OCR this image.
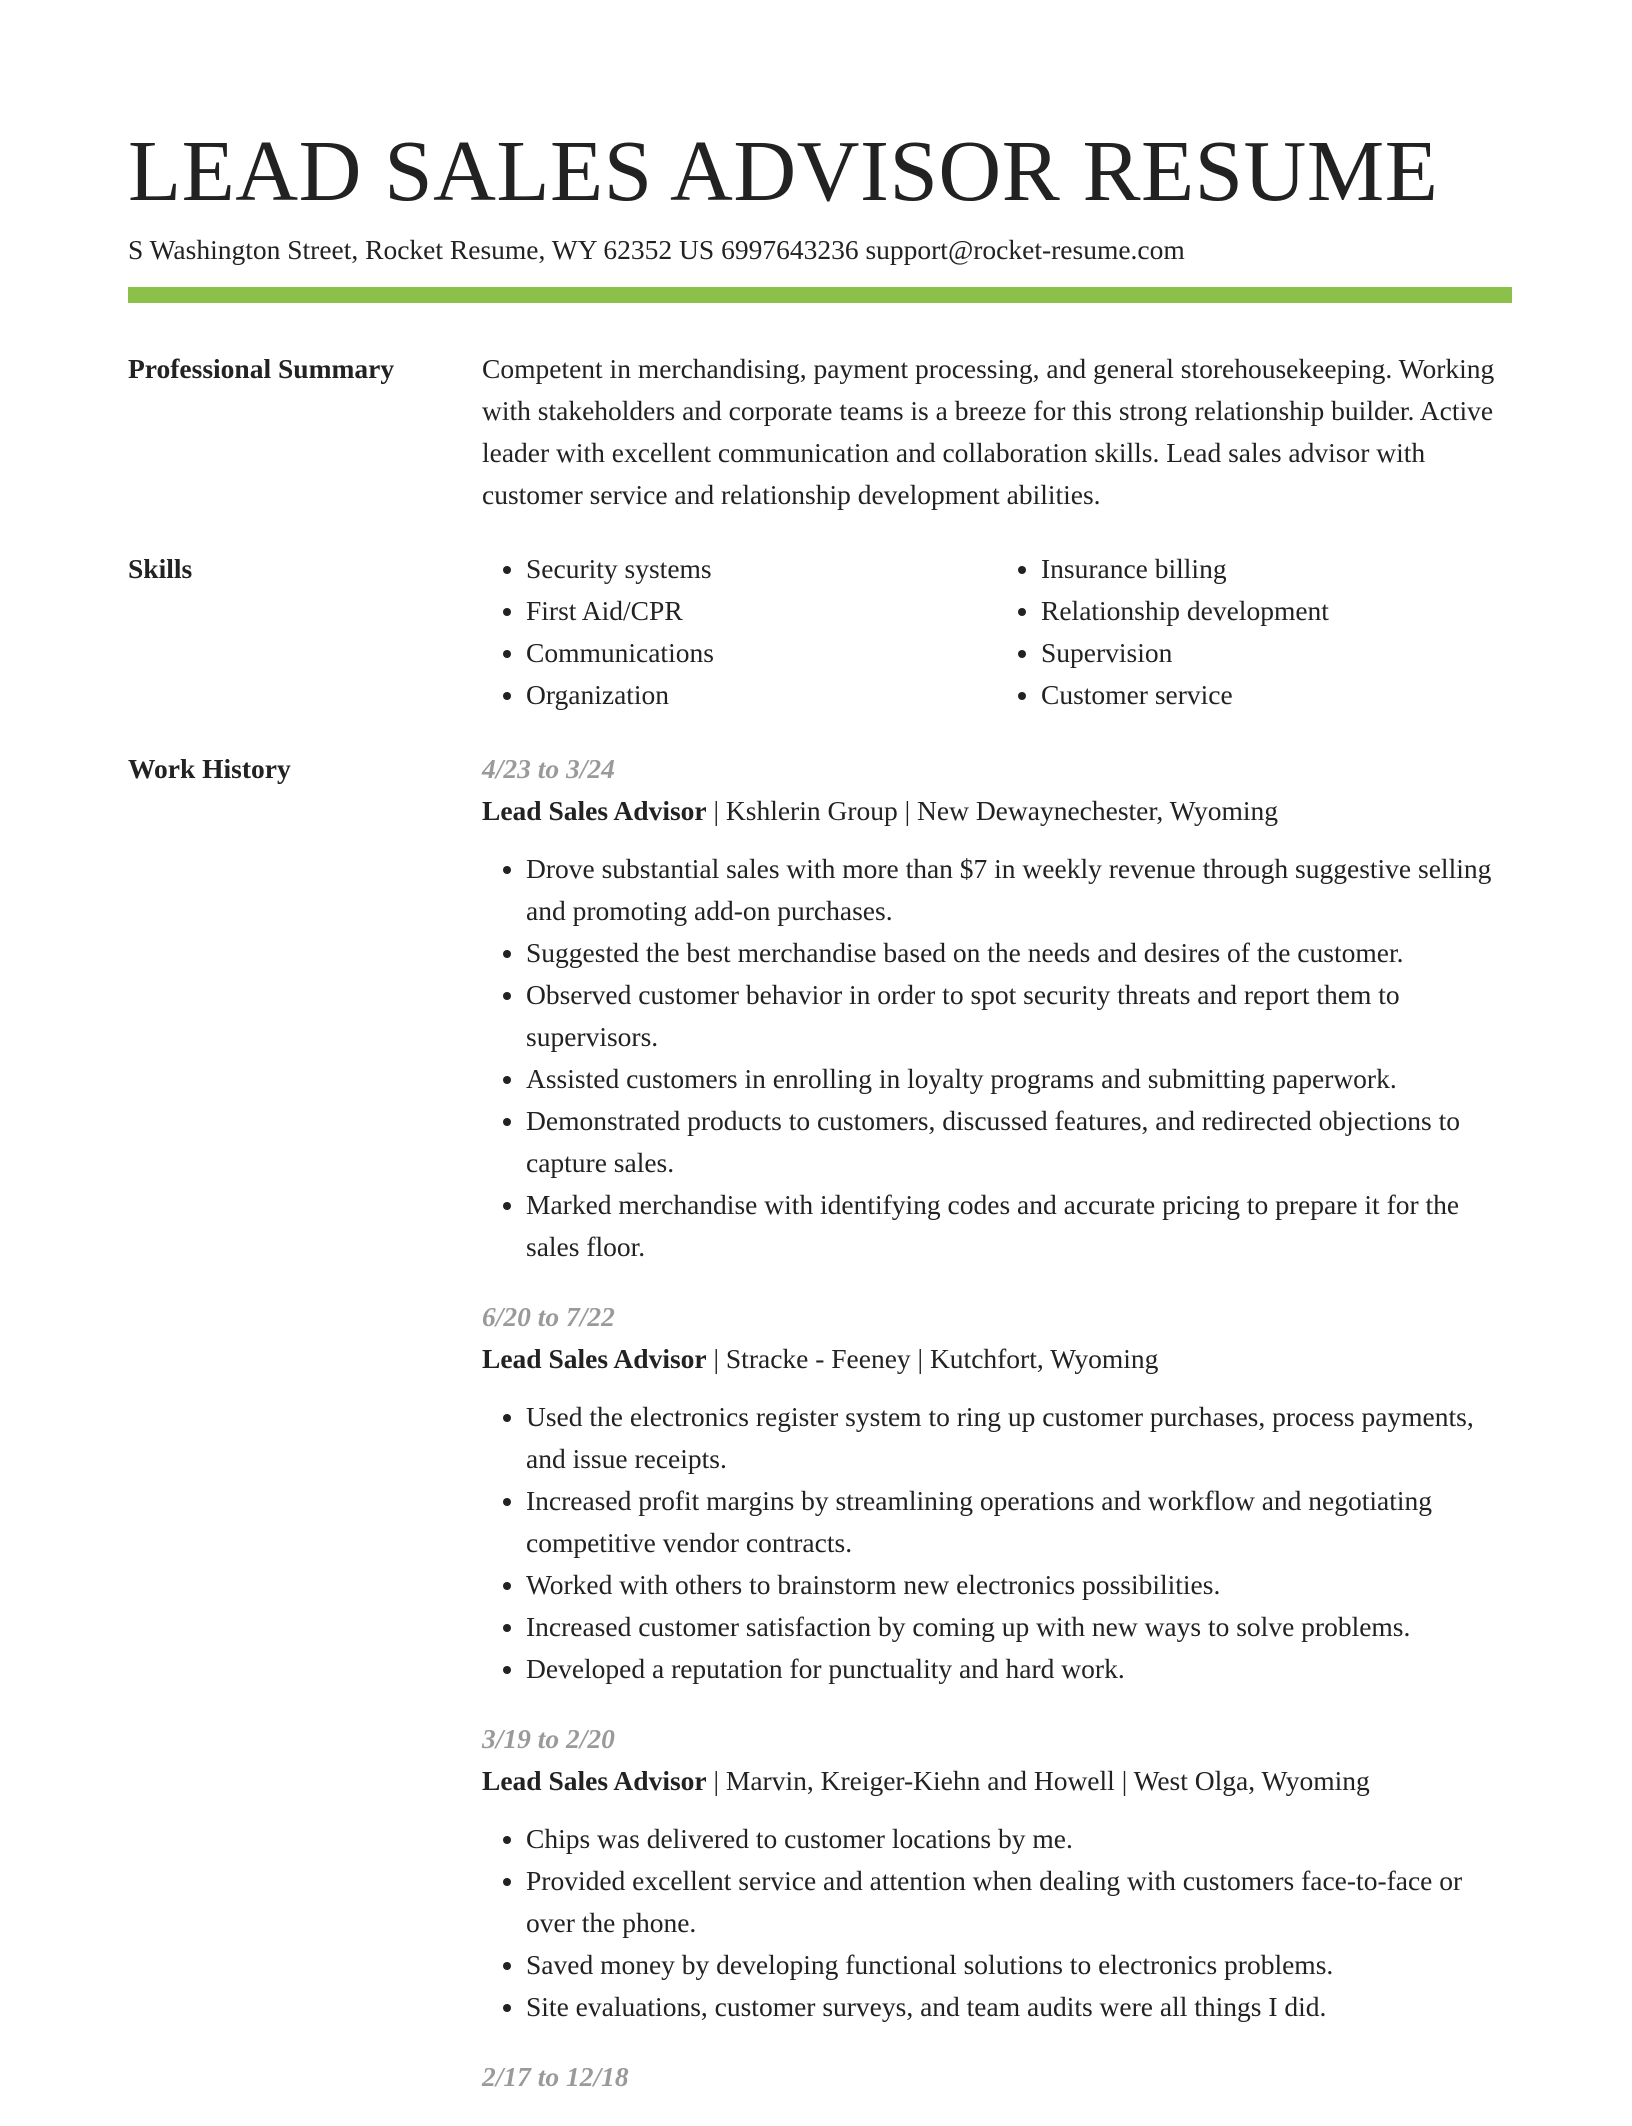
LEAD SALES ADVISOR RESUME
S Washington Street, Rocket Resume, WY 62352 US 6997643236 support@rocket-resume.com
Professional Summary	Competent in merchandising, payment processing, and general storehousekeeping. Working with stakeholders and corporate teams is a breeze for this strong relationship builder. Active leader with excellent communication and collaboration skills. Lead sales advisor with customer service and relationship development abilities.

Skills
•	Security systems
• First Aid/CPR
• Communications
• Organization
• Insurance billing
• Relationship development
• Supervision
• Customer service
Work History	4/23 to 3/24
Lead Sales Advisor | Kshlerin Group | New Dewaynechester, Wyoming
• Drove substantial sales with more than $7 in weekly revenue through suggestive selling and promoting add-on purchases.
• Suggested the best merchandise based on the needs and desires of the customer.
• Observed customer behavior in order to spot security threats and report them to supervisors.
• Assisted customers in enrolling in loyalty programs and submitting paperwork.
• Demonstrated products to customers, discussed features, and redirected objections to capture sales.
• Marked merchandise with identifying codes and accurate pricing to prepare it for the sales floor.
6/20 to 7/22
Lead Sales Advisor | Stracke - Feeney | Kutchfort, Wyoming
• Used the electronics register system to ring up customer purchases, process payments, and issue receipts.
• Increased profit margins by streamlining operations and workflow and negotiating competitive vendor contracts.
• Worked with others to brainstorm new electronics possibilities.
• Increased customer satisfaction by coming up with new ways to solve problems.
• Developed a reputation for punctuality and hard work.
3/19 to 2/20
Lead Sales Advisor | Marvin, Kreiger-Kiehn and Howell | West Olga, Wyoming
• Chips was delivered to customer locations by me.
• Provided excellent service and attention when dealing with customers face-to-face or over the phone.
• Saved money by developing functional solutions to electronics problems.
• Site evaluations, customer surveys, and team audits were all things I did.
2/17 to 12/18
